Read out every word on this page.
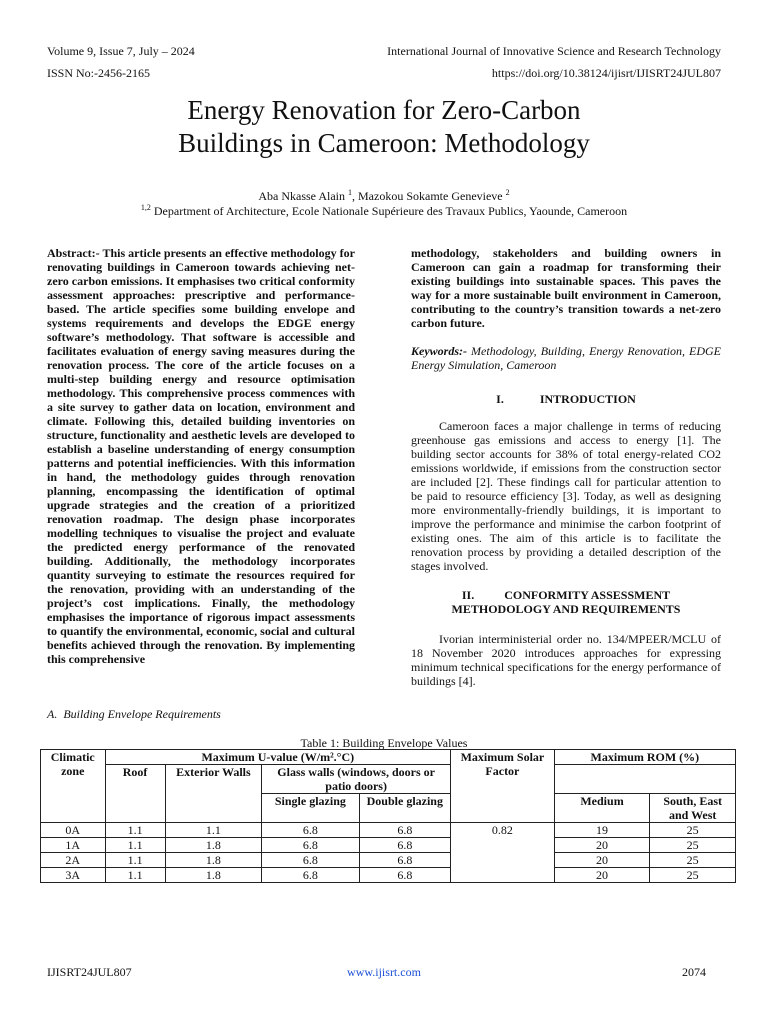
Volume 9, Issue 7, July – 2024
ISSN No:-2456-2165
International Journal of Innovative Science and Research Technology
https://doi.org/10.38124/ijisrt/IJISRT24JUL807
Energy Renovation for Zero-Carbon
Buildings in Cameroon: Methodology
Aba Nkasse Alain $^1$, Mazokou Sokamte Genevieve $^2$
$^{1,2}$ Department of Architecture, Ecole Nationale Supérieure des Travaux Publics, Yaounde, Cameroon

Abstract:- This article presents an effective methodology for renovating buildings in Cameroon towards achieving net-zero carbon emissions. It emphasises two critical conformity assessment approaches: prescriptive and performance-based. The article specifies some building envelope and systems requirements and develops the EDGE energy software’s methodology. That software is accessible and facilitates evaluation of energy saving measures during the renovation process. The core of the article focuses on a multi-step building energy and resource optimisation methodology. This comprehensive process commences with a site survey to gather data on location, environment and climate. Following this, detailed building inventories on structure, functionality and aesthetic levels are developed to establish a baseline understanding of energy consumption patterns and potential inefficiencies. With this information in hand, the methodology guides through renovation planning, encompassing the identification of optimal upgrade strategies and the creation of a prioritized renovation roadmap. The design phase incorporates modelling techniques to visualise the project and evaluate the predicted energy performance of the renovated building. Additionally, the methodology incorporates quantity surveying to estimate the resources required for the renovation, providing with an understanding of the project’s cost implications. Finally, the methodology emphasises the importance of rigorous impact assessments to quantify the environmental, economic, social and cultural benefits achieved through the renovation. By implementing this comprehensive

methodology, stakeholders and building owners in Cameroon can gain a roadmap for transforming their existing buildings into sustainable spaces. This paves the way for a more sustainable built environment in Cameroon, contributing to the country’s transition towards a net-zero carbon future.

Keywords:- Methodology, Building, Energy Renovation, EDGE Energy Simulation, Cameroon

I.            INTRODUCTION

Cameroon faces a major challenge in terms of reducing greenhouse gas emissions and access to energy [1]. The building sector accounts for 38% of total energy-related CO2 emissions worldwide, if emissions from the construction sector are included [2]. These findings call for particular attention to be paid to resource efficiency [3]. Today, as well as designing more environmentally-friendly buildings, it is important to improve the performance and minimise the carbon footprint of existing ones. The aim of this article is to facilitate the renovation process by providing a detailed description of the stages involved.

II.          CONFORMITY ASSESSMENT

METHODOLOGY AND REQUIREMENTS

Ivorian interministerial order no. 134/MPEER/MCLU of 18 November 2020 introduces approaches for expressing minimum technical specifications for the energy performance of buildings [4].

A.  Building Envelope Requirements
Table 1: Building Envelope Values
Climatic zone	Maximum U-value (W/m².°C)				Maximum Solar Factor	Maximum ROM (%)	
	Roof	Exterior Walls	Glass walls (windows, doors or patio doors)				
			Single glazing	Double glazing		Medium	South, East and West
0A	1.1	1.1	6.8	6.8	0.82	19	25
1A	1.1	1.8	6.8	6.8		20	25
2A	1.1	1.8	6.8	6.8		20	25
3A	1.1	1.8	6.8	6.8		20	25
IJISRT24JUL807	www.ijisrt.com	2074
